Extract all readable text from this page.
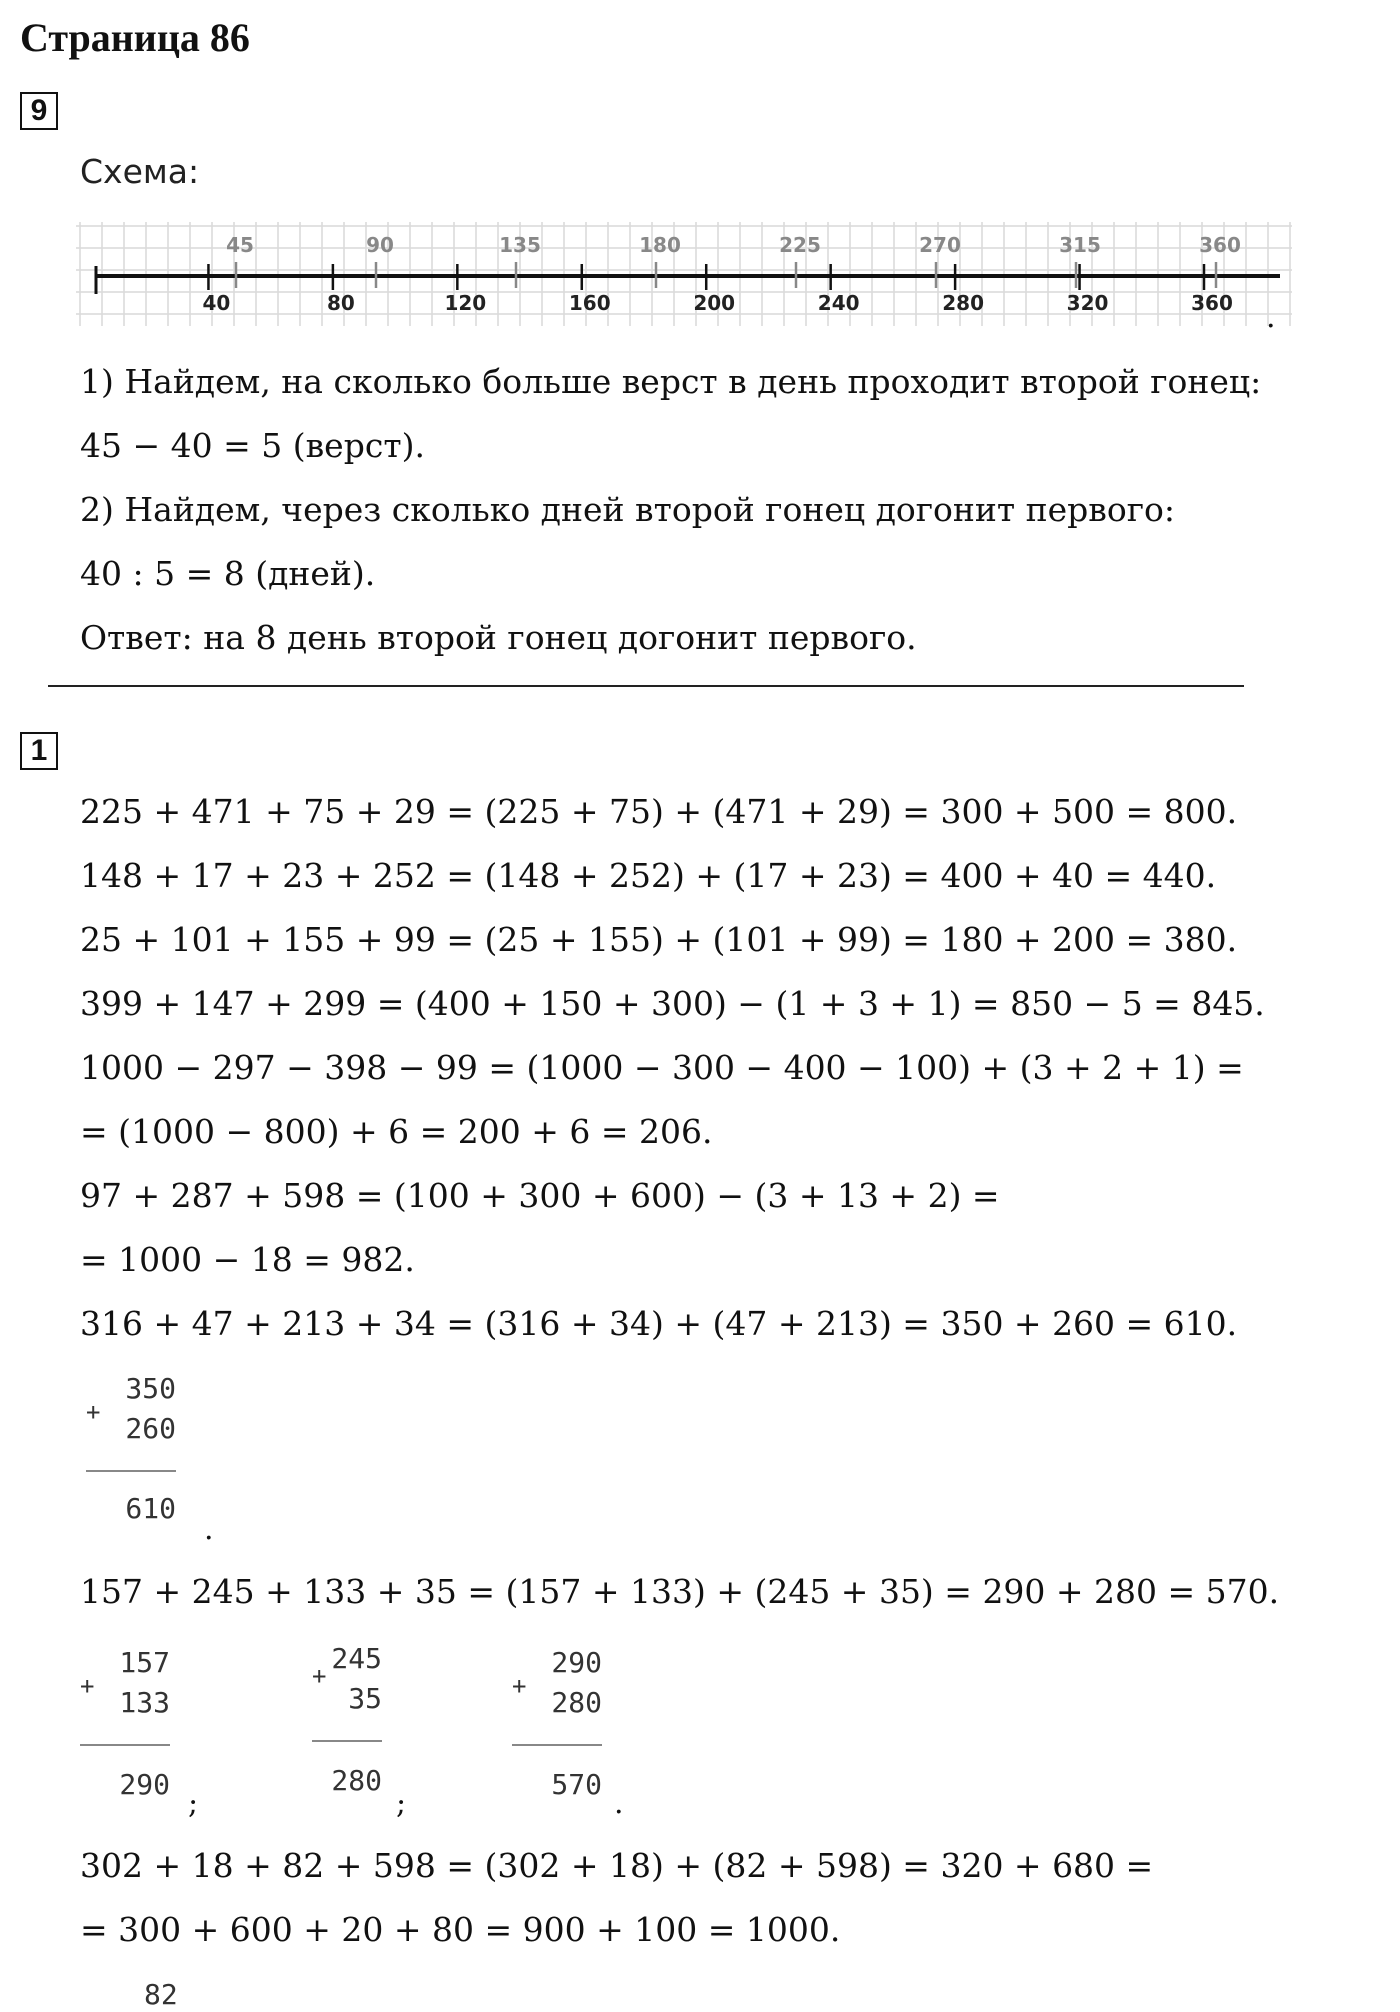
Страница 86
9
Схема:
45	90	135	180	225	270	315	360
40	80	120	160	200	240	280	320	360 .
1) Найдем, на сколько больше верст в день проходит второй гонец:
45 − 40 = 5 (верст).
2) Найдем, через сколько дней второй гонец догонит первого:
40 : 5 = 8 (дней).
Ответ: на 8 день второй гонец догонит первого.
1
225 + 471 + 75 + 29 = (225 + 75) + (471 + 29) = 300 + 500 = 800.
148 + 17 + 23 + 252 = (148 + 252) + (17 + 23) = 400 + 40 = 440.
25 + 101 + 155 + 99 = (25 + 155) + (101 + 99) = 180 + 200 = 380.
399 + 147 + 299 = (400 + 150 + 300) − (1 + 3 + 1) = 850 − 5 = 845.
1000 − 297 − 398 − 99 = (1000 − 300 − 400 − 100) + (3 + 2 + 1) =
= (1000 − 800) + 6 = 200 + 6 = 206.
97 + 287 + 598 = (100 + 300 + 600) − (3 + 13 + 2) =
= 1000 − 18 = 982.
316 + 47 + 213 + 34 = (316 + 34) + (47 + 213) = 350 + 260 = 610.
+
350
260
610
.
157 + 245 + 133 + 35 = (157 + 133) + (245 + 35) = 290 + 280 = 570.
+
157
133
290
;
+
245
35
280
;
+
290
280
570
.
302 + 18 + 82 + 598 = (302 + 18) + (82 + 598) = 320 + 680 =
= 300 + 600 + 20 + 80 = 900 + 100 = 1000.
82
